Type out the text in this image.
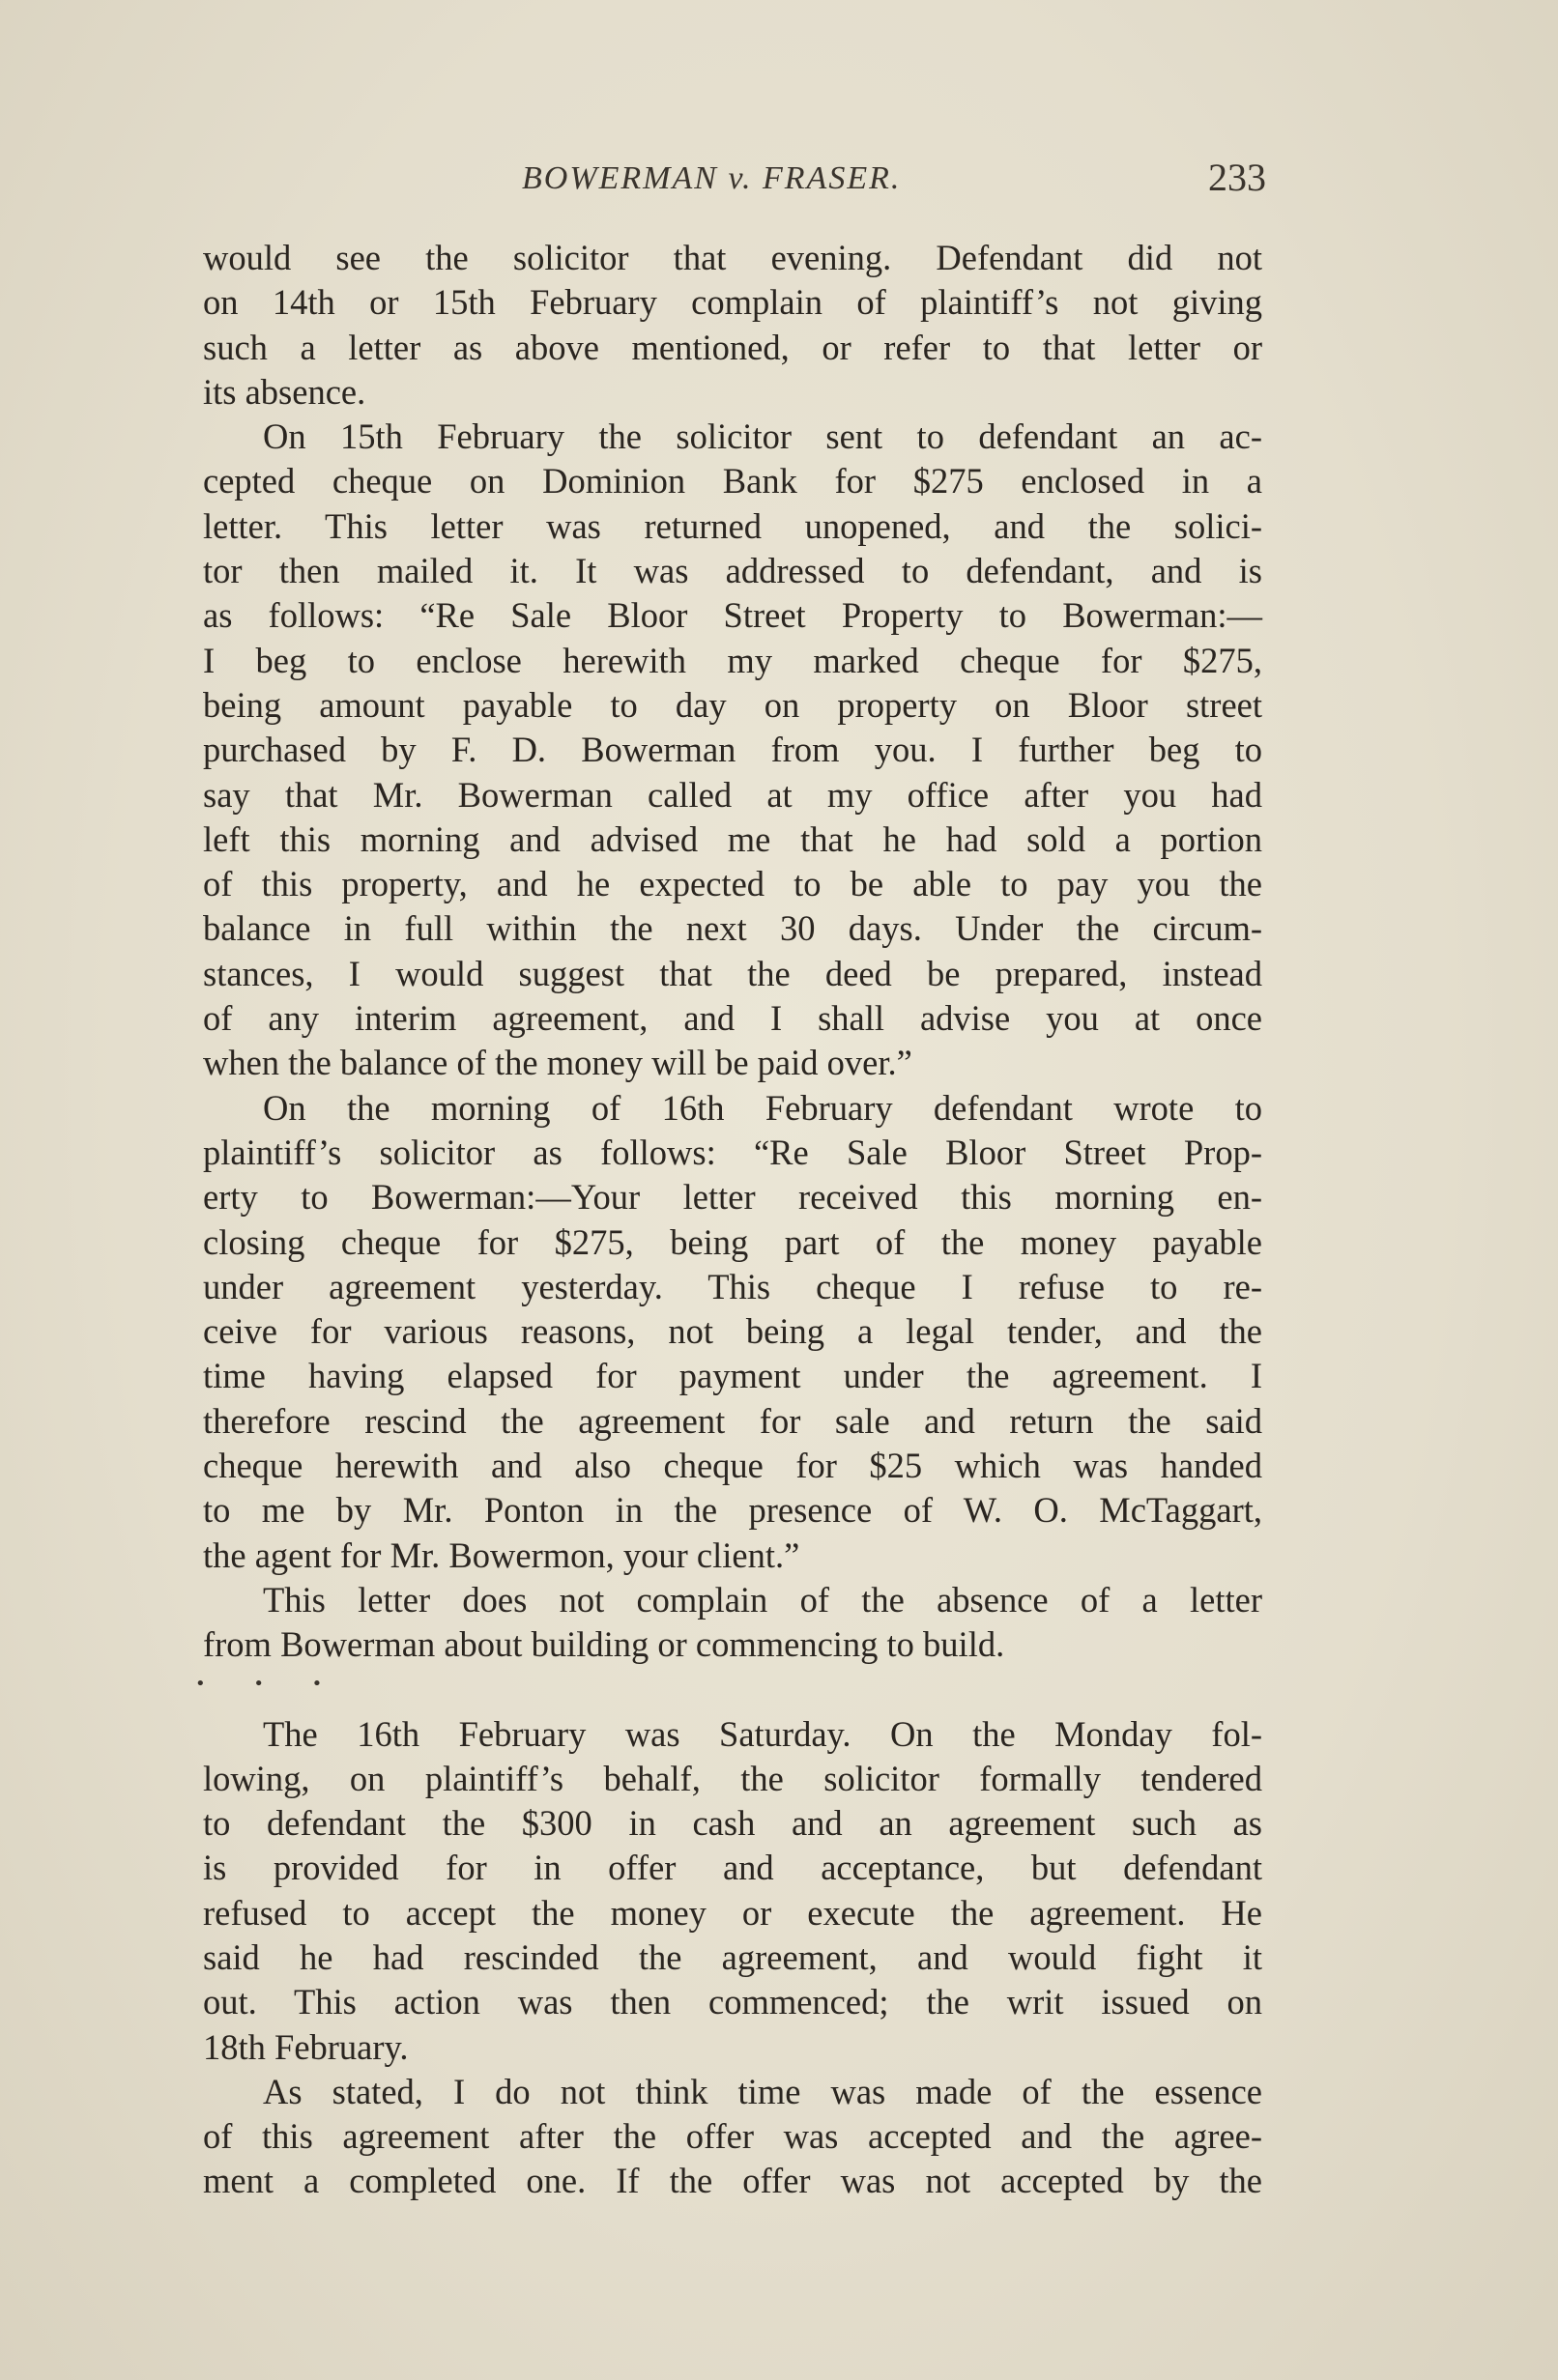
BOWERMAN v. FRASER.	233
would see the solicitor that evening. Defendant did not
on 14th or 15th February complain of plaintiff’s not giving
such a letter as above mentioned, or refer to that letter or
its absence.
On 15th February the solicitor sent to defendant an ac-
cepted cheque on Dominion Bank for $275 enclosed in a
letter. This letter was returned unopened, and the solici-
tor then mailed it. It was addressed to defendant, and is
as follows: “Re Sale Bloor Street Property to Bowerman:—
I beg to enclose herewith my marked cheque for $275,
being amount payable to day on property on Bloor street
purchased by F. D. Bowerman from you. I further beg to
say that Mr. Bowerman called at my office after you had
left this morning and advised me that he had sold a portion
of this property, and he expected to be able to pay you the
balance in full within the next 30 days. Under the circum-
stances, I would suggest that the deed be prepared, instead
of any interim agreement, and I shall advise you at once
when the balance of the money will be paid over.”
On the morning of 16th February defendant wrote to
plaintiff’s solicitor as follows: “Re Sale Bloor Street Prop-
erty to Bowerman:—Your letter received this morning en-
closing cheque for $275, being part of the money payable
under agreement yesterday. This cheque I refuse to re-
ceive for various reasons, not being a legal tender, and the
time having elapsed for payment under the agreement. I
therefore rescind the agreement for sale and return the said
cheque herewith and also cheque for $25 which was handed
to me by Mr. Ponton in the presence of W. O. McTaggart,
the agent for Mr. Bowermon, your client.”
This letter does not complain of the absence of a letter
from Bowerman about building or commencing to build.
• • •
The 16th February was Saturday. On the Monday fol-
lowing, on plaintiff’s behalf, the solicitor formally tendered
to defendant the $300 in cash and an agreement such as
is provided for in offer and acceptance, but defendant
refused to accept the money or execute the agreement. He
said he had rescinded the agreement, and would fight it
out. This action was then commenced; the writ issued on
18th February.
As stated, I do not think time was made of the essence
of this agreement after the offer was accepted and the agree-
ment a completed one. If the offer was not accepted by the
